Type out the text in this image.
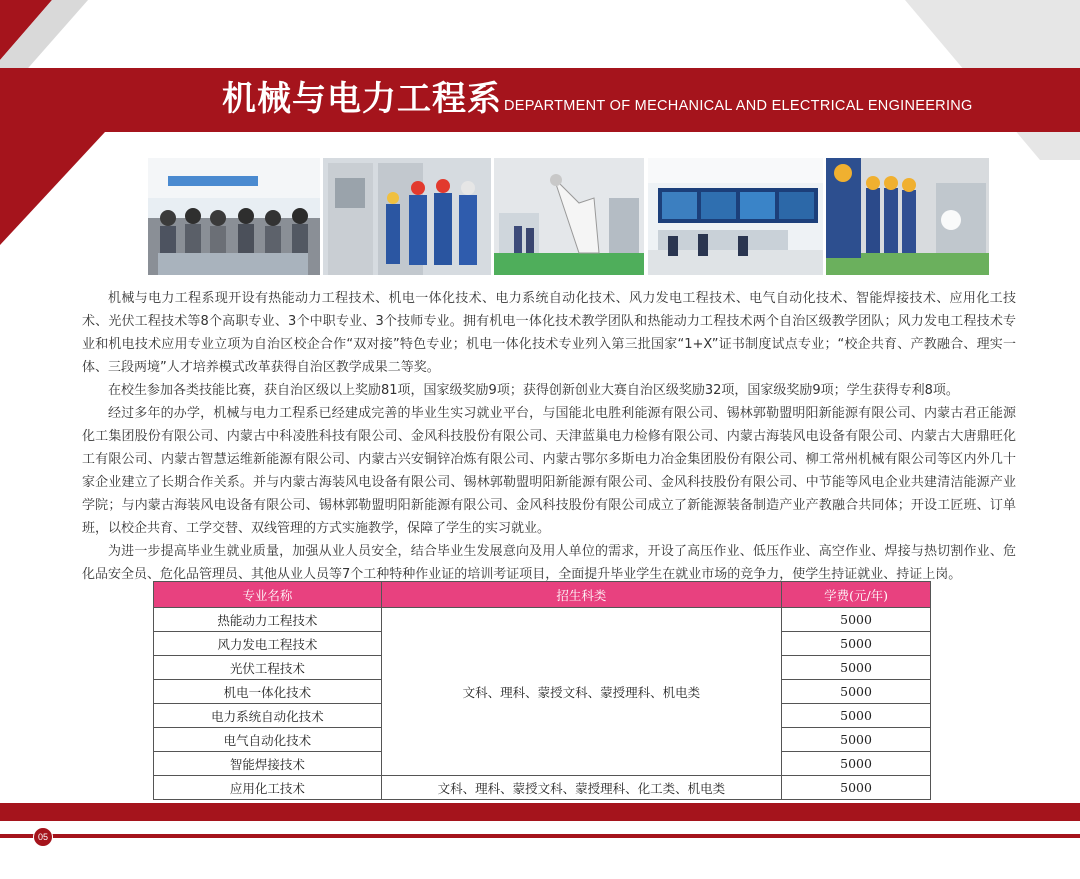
机械与电力工程系 DEPARTMENT OF MECHANICAL AND ELECTRICAL ENGINEERING

机械与电力工程系现开设有热能动力工程技术、机电一体化技术、电力系统自动化技术、风力发电工程技术、电气自动化技术、智能焊接技术、应用化工技术、光伏工程技术等8个高职专业、3个中职专业、3个技师专业。拥有机电一体化技术教学团队和热能动力工程技术两个自治区级教学团队；风力发电工程技术专业和机电技术应用专业立项为自治区校企合作“双对接”特色专业；机电一体化技术专业列入第三批国家“1+X”证书制度试点专业；“校企共育、产教融合、理实一体、三段两境”人才培养模式改革获得自治区教学成果二等奖。

在校生参加各类技能比赛，获自治区级以上奖励81项，国家级奖励9项；获得创新创业大赛自治区级奖励32项，国家级奖励9项；学生获得专利8项。

经过多年的办学，机械与电力工程系已经建成完善的毕业生实习就业平台，与国能北电胜利能源有限公司、锡林郭勒盟明阳新能源有限公司、内蒙古君正能源化工集团股份有限公司、内蒙古中科凌胜科技有限公司、金风科技股份有限公司、天津蓝巢电力检修有限公司、内蒙古海装风电设备有限公司、内蒙古大唐鼎旺化工有限公司、内蒙古智慧运维新能源有限公司、内蒙古兴安铜锌冶炼有限公司、内蒙古鄂尔多斯电力冶金集团股份有限公司、柳工常州机械有限公司等区内外几十家企业建立了长期合作关系。并与内蒙古海装风电设备有限公司、锡林郭勒盟明阳新能源有限公司、金风科技股份有限公司、中节能等风电企业共建清洁能源产业学院；与内蒙古海装风电设备有限公司、锡林郭勒盟明阳新能源有限公司、金风科技股份有限公司成立了新能源装备制造产业产教融合共同体；开设工匠班、订单班，以校企共育、工学交替、双线管理的方式实施教学，保障了学生的实习就业。

为进一步提高毕业生就业质量，加强从业人员安全，结合毕业生发展意向及用人单位的需求，开设了高压作业、低压作业、高空作业、焊接与热切割作业、危化品安全员、危化品管理员、其他从业人员等7个工种特种作业证的培训考证项目，全面提升毕业学生在就业市场的竞争力，使学生持证就业、持证上岗。

专业名称	招生科类	学费(元/年)
热能动力工程技术	文科、理科、蒙授文科、蒙授理科、机电类	5000
风力发电工程技术		5000
光伏工程技术		5000
机电一体化技术		5000
电力系统自动化技术		5000
电气自动化技术		5000
智能焊接技术		5000
应用化工技术	文科、理科、蒙授文科、蒙授理科、化工类、机电类	5000
05
